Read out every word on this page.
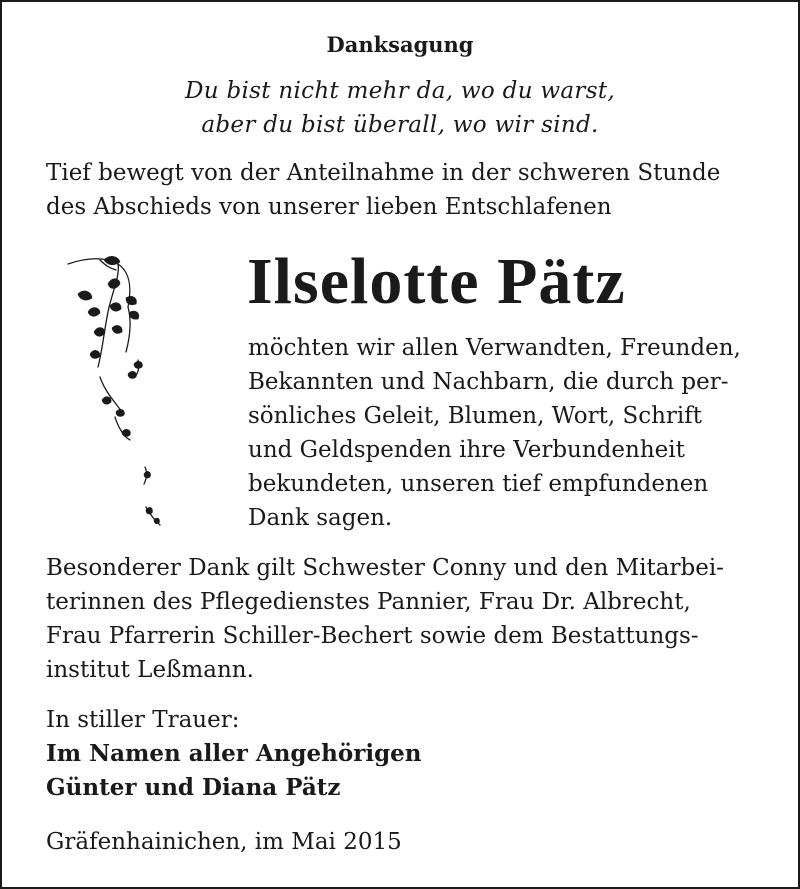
Danksagung

Du bist nicht mehr da, wo du warst,

aber du bist überall, wo wir sind.

Tief bewegt von der Anteilnahme in der schweren Stunde

des Abschieds von unserer lieben Entschlafenen

Ilselotte Pätz

möchten wir allen Verwandten, Freunden,

Bekannten und Nachbarn, die durch per-

sönliches Geleit, Blumen, Wort, Schrift

und Geldspenden ihre Verbundenheit

bekundeten, unseren tief empfundenen

Dank sagen.

Besonderer Dank gilt Schwester Conny und den Mitarbei-

terinnen des Pflegedienstes Pannier, Frau Dr. Albrecht,

Frau Pfarrerin Schiller-Bechert sowie dem Bestattungs-

institut Leßmann.

In stiller Trauer:

Im Namen aller Angehörigen

Günter und Diana Pätz

Gräfenhainichen, im Mai 2015
